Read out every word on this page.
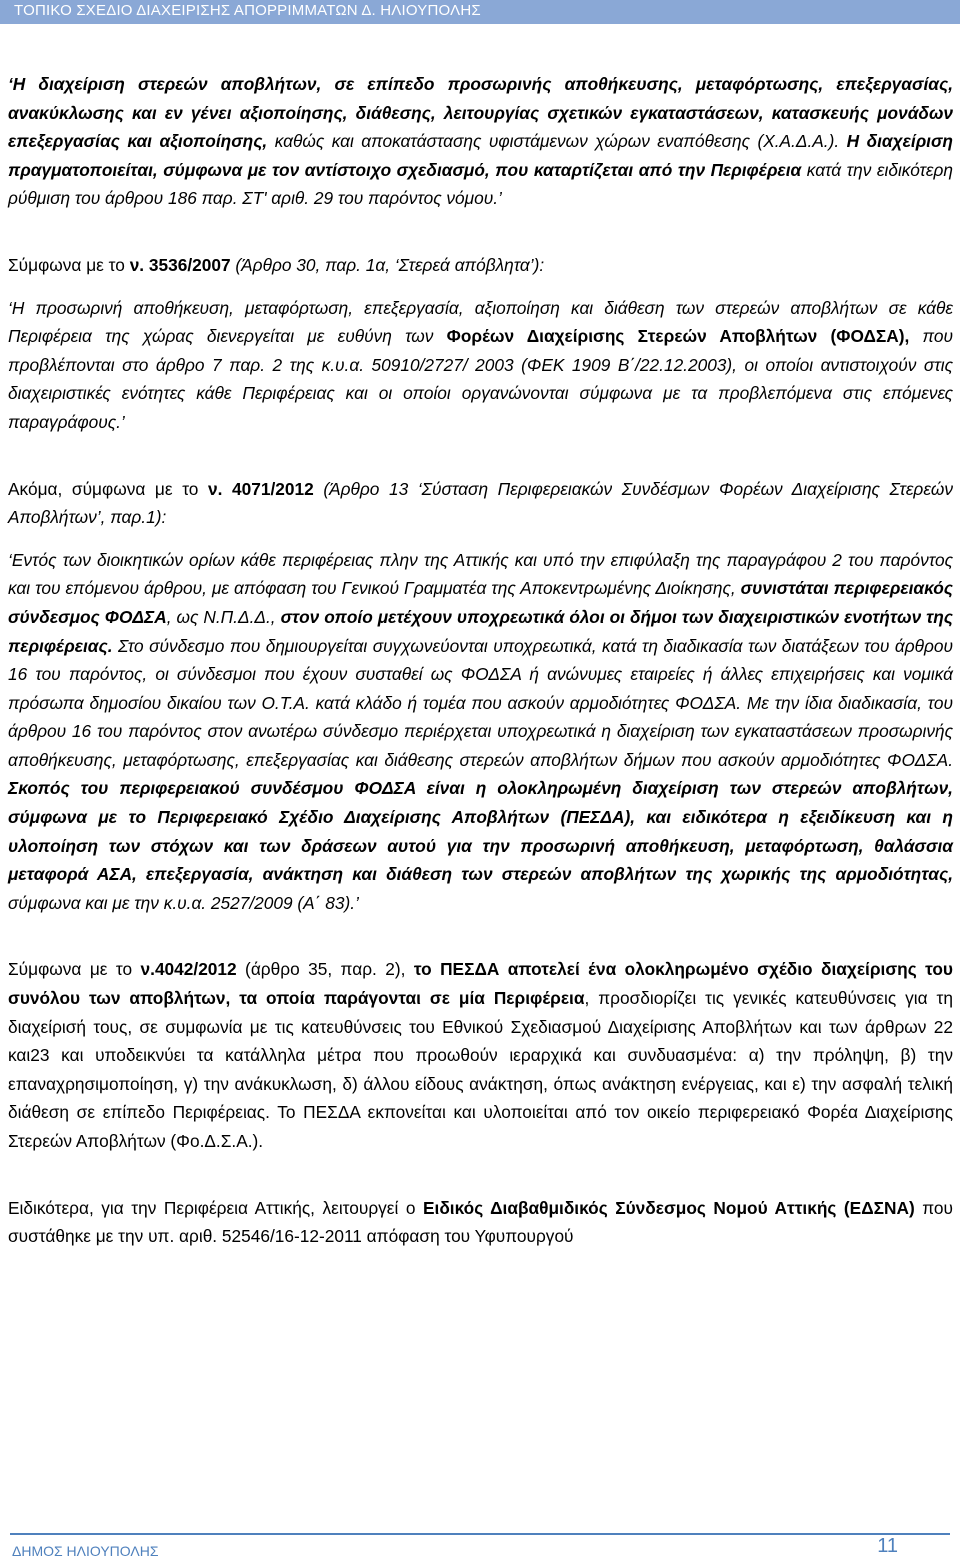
ΤΟΠΙΚΟ ΣΧΕΔΙΟ ΔΙΑΧΕΙΡΙΣΗΣ ΑΠΟΡΡΙΜΜΑΤΩΝ Δ. ΗΛΙΟΥΠΟΛΗΣ

‘Η διαχείριση στερεών αποβλήτων, σε επίπεδο προσωρινής αποθήκευσης, μεταφόρτωσης, επεξεργασίας, ανακύκλωσης και εν γένει αξιοποίησης, διάθεσης, λειτουργίας σχετικών εγκαταστάσεων, κατασκευής μονάδων επεξεργασίας και αξιοποίησης, καθώς και αποκατάστασης υφιστάμενων χώρων εναπόθεσης (Χ.Α.Δ.Α.). Η διαχείριση πραγματοποιείται, σύμφωνα με τον αντίστοιχο σχεδιασμό, που καταρτίζεται από την Περιφέρεια κατά την ειδικότερη ρύθμιση του άρθρου 186 παρ. ΣΤ' αριθ. 29 του παρόντος νόμου.’

Σύμφωνα με το ν. 3536/2007 (Άρθρο 30, παρ. 1α, ‘Στερεά απόβλητα’):

‘Η προσωρινή αποθήκευση, μεταφόρτωση, επεξεργασία, αξιοποίηση και διάθεση των στερεών αποβλήτων σε κάθε Περιφέρεια της χώρας διενεργείται με ευθύνη των Φορέων Διαχείρισης Στερεών Αποβλήτων (ΦΟΔΣΑ), που προβλέπονται στο άρθρο 7 παρ. 2 της κ.υ.α. 50910/2727/ 2003 (ΦΕΚ 1909 Β΄/22.12.2003), οι οποίοι αντιστοιχούν στις διαχειριστικές ενότητες κάθε Περιφέρειας και οι οποίοι οργανώνονται σύμφωνα με τα προβλεπόμενα στις επόμενες παραγράφους.’

Ακόμα, σύμφωνα με το ν. 4071/2012 (Άρθρο 13 ‘Σύσταση Περιφερειακών Συνδέσμων Φορέων Διαχείρισης Στερεών Αποβλήτων’, παρ.1):

‘Εντός των διοικητικών ορίων κάθε περιφέρειας πλην της Αττικής και υπό την επιφύλαξη της παραγράφου 2 του παρόντος και του επόμενου άρθρου, με απόφαση του Γενικού Γραμματέα της Αποκεντρωμένης Διοίκησης, συνιστάται περιφερειακός σύνδεσμος ΦΟΔΣΑ, ως Ν.Π.Δ.Δ., στον οποίο μετέχουν υποχρεωτικά όλοι οι δήμοι των διαχειριστικών ενοτήτων της περιφέρειας. Στο σύνδεσμο που δημιουργείται συγχωνεύονται υποχρεωτικά, κατά τη διαδικασία των διατάξεων του άρθρου 16 του παρόντος, οι σύνδεσμοι που έχουν συσταθεί ως ΦΟΔΣΑ ή ανώνυμες εταιρείες ή άλλες επιχειρήσεις και νομικά πρόσωπα δημοσίου δικαίου των Ο.Τ.Α. κατά κλάδο ή τομέα που ασκούν αρμοδιότητες ΦΟΔΣΑ. Με την ίδια διαδικασία, του άρθρου 16 του παρόντος στον ανωτέρω σύνδεσμο περιέρχεται υποχρεωτικά η διαχείριση των εγκαταστάσεων προσωρινής αποθήκευσης, μεταφόρτωσης, επεξεργασίας και διάθεσης στερεών αποβλήτων δήμων που ασκούν αρμοδιότητες ΦΟΔΣΑ. Σκοπός του περιφερειακού συνδέσμου ΦΟΔΣΑ είναι η ολοκληρωμένη διαχείριση των στερεών αποβλήτων, σύμφωνα με το Περιφερειακό Σχέδιο Διαχείρισης Αποβλήτων (ΠΕΣΔΑ), και ειδικότερα η εξειδίκευση και η υλοποίηση των στόχων και των δράσεων αυτού για την προσωρινή αποθήκευση, μεταφόρτωση, θαλάσσια μεταφορά ΑΣΑ, επεξεργασία, ανάκτηση και διάθεση των στερεών αποβλήτων της χωρικής της αρμοδιότητας, σύμφωνα και με την κ.υ.α. 2527/2009 (Α΄ 83).’

Σύμφωνα με το ν.4042/2012 (άρθρο 35, παρ. 2), το ΠΕΣΔΑ αποτελεί ένα ολοκληρωμένο σχέδιο διαχείρισης του συνόλου των αποβλήτων, τα οποία παράγονται σε μία Περιφέρεια, προσδιορίζει τις γενικές κατευθύνσεις για τη διαχείρισή τους, σε συμφωνία με τις κατευθύνσεις του Εθνικού Σχεδιασμού Διαχείρισης Αποβλήτων και των άρθρων 22 και23 και υποδεικνύει τα κατάλληλα μέτρα που προωθούν ιεραρχικά και συνδυασμένα: α) την πρόληψη, β) την επαναχρησιμοποίηση, γ) την ανάκυκλωση, δ) άλλου είδους ανάκτηση, όπως ανάκτηση ενέργειας, και ε) την ασφαλή τελική διάθεση σε επίπεδο Περιφέρειας. Το ΠΕΣΔΑ εκπονείται και υλοποιείται από τον οικείο περιφερειακό Φορέα Διαχείρισης Στερεών Αποβλήτων (Φο.Δ.Σ.Α.).

Ειδικότερα, για την Περιφέρεια Αττικής, λειτουργεί ο Ειδικός Διαβαθμιδικός Σύνδεσμος Νομού Αττικής (ΕΔΣΝΑ) που συστάθηκε με την υπ. αριθ. 52546/16-12-2011 απόφαση του Υφυπουργού

ΔΗΜΟΣ ΗΛΙΟΥΠΟΛΗΣ	11
